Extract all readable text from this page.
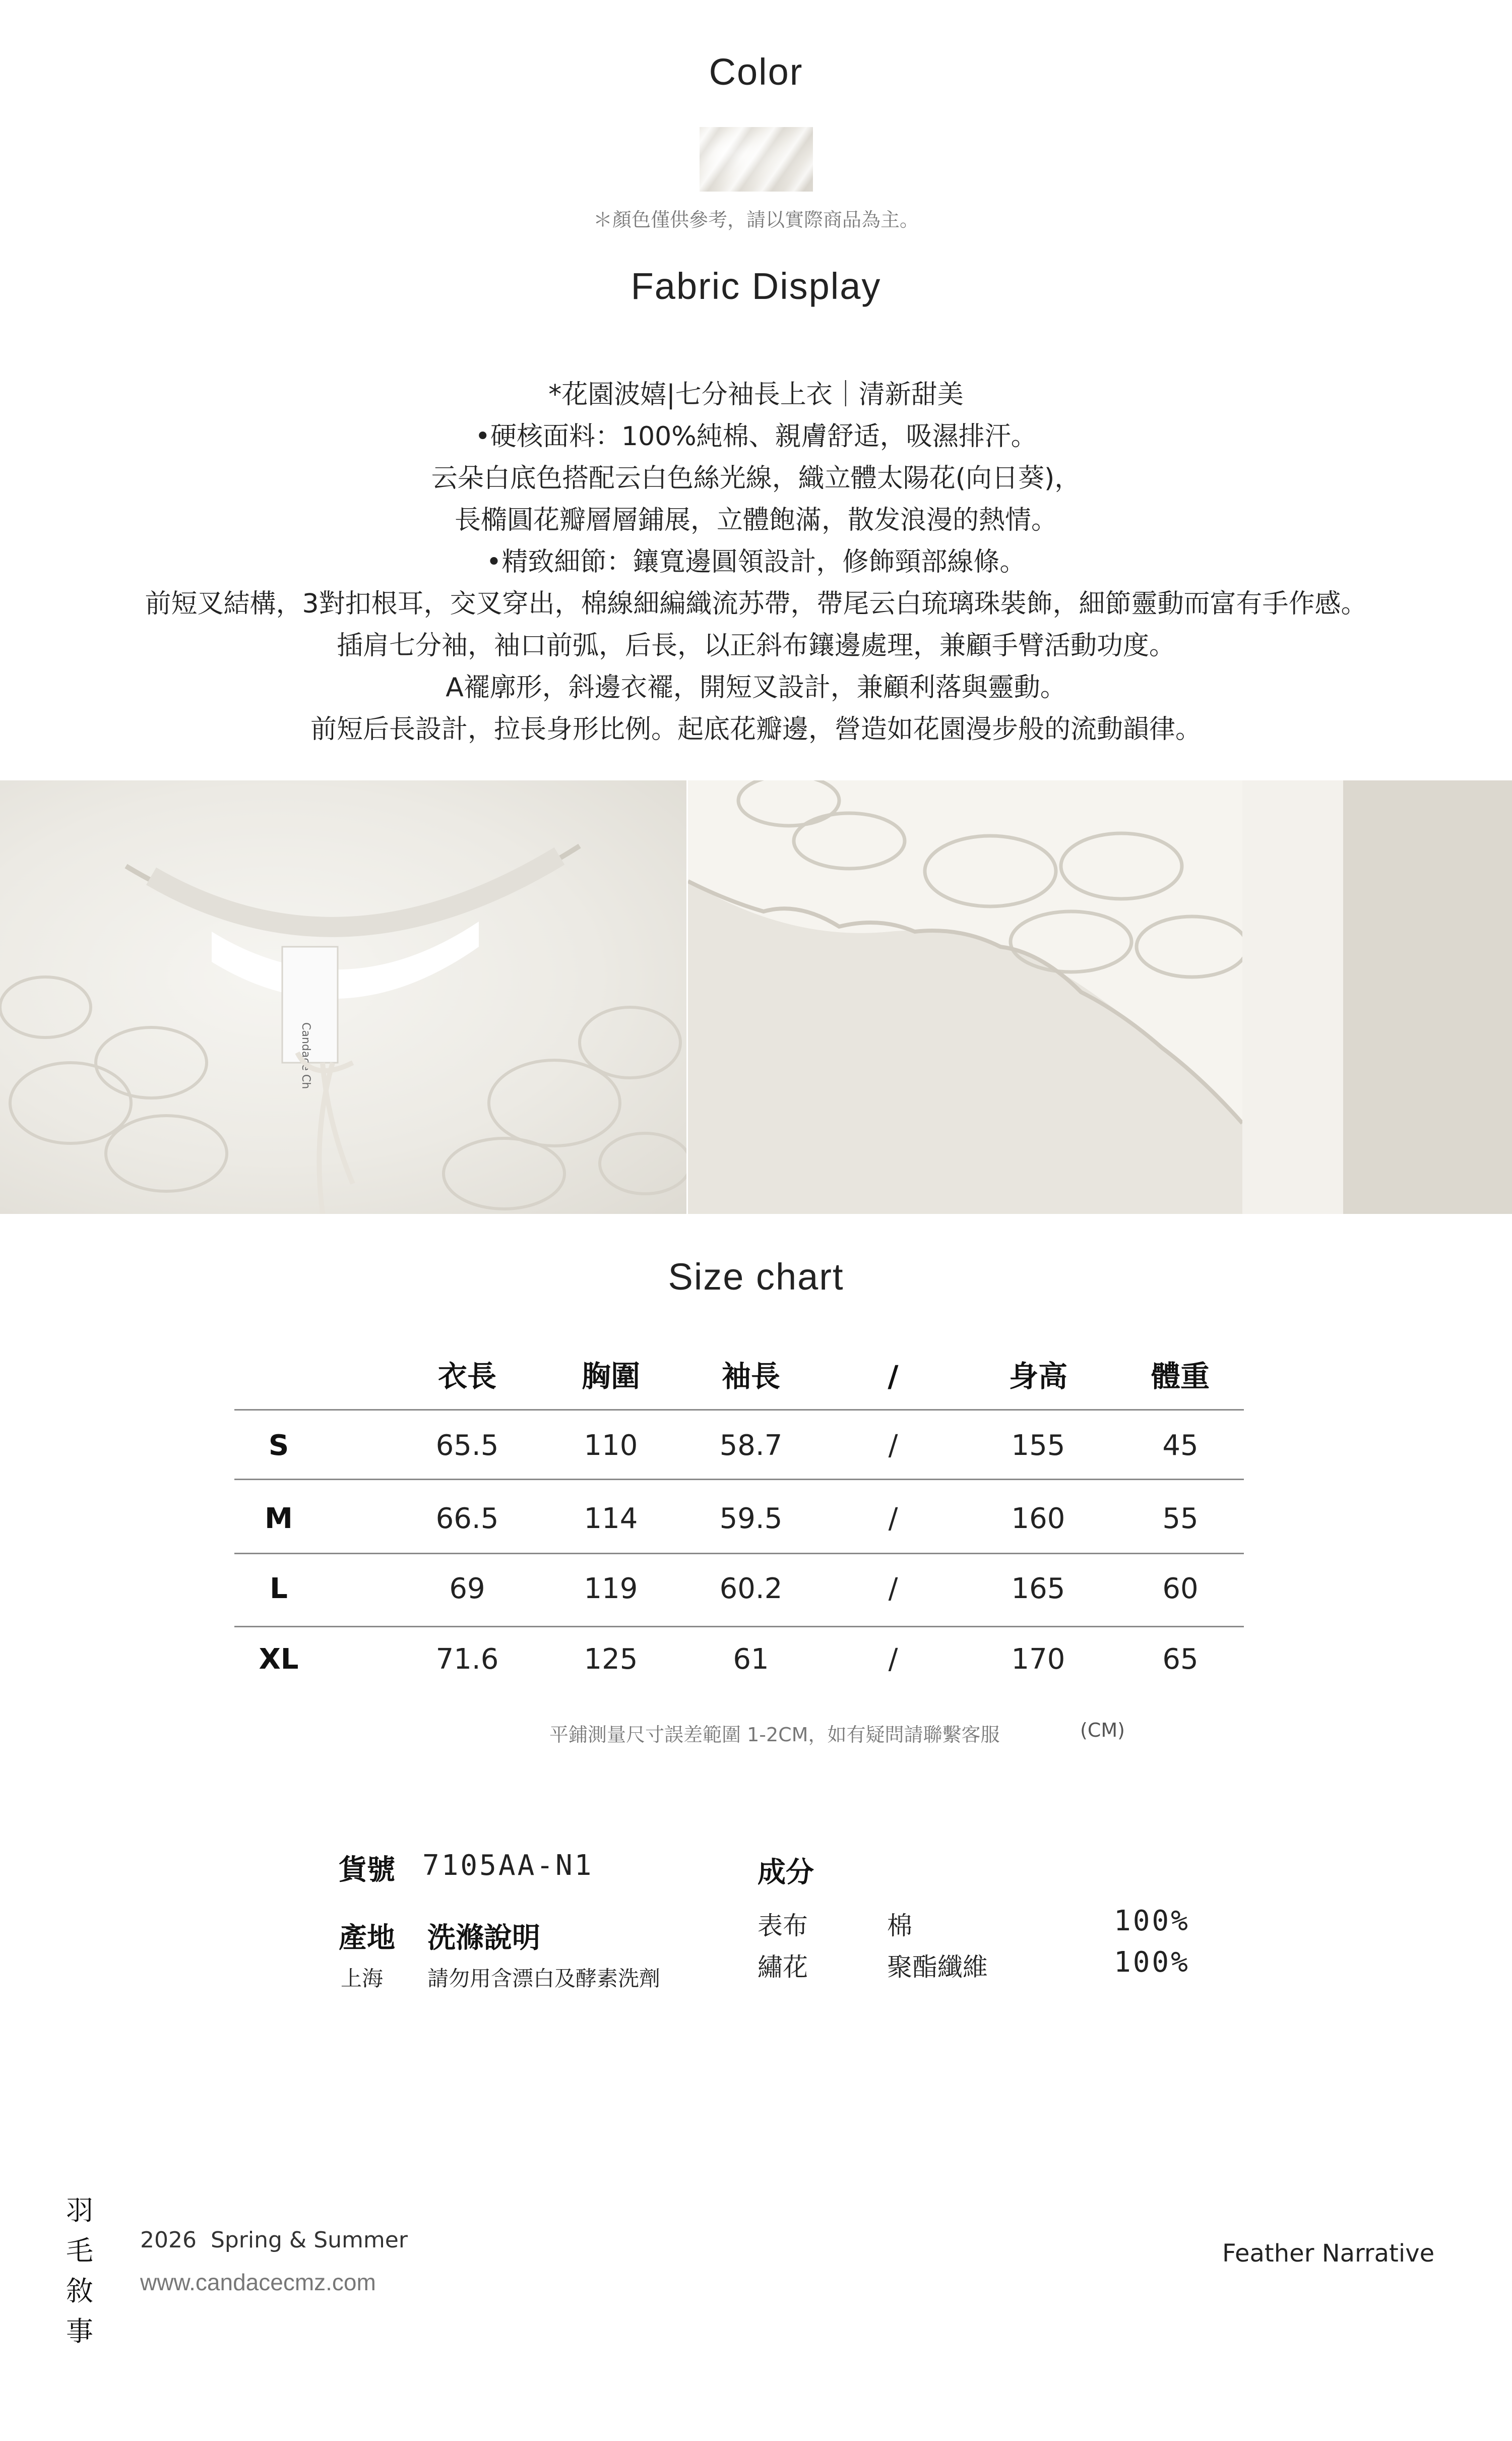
Color
＊顏色僅供參考，請以實際商品為主。
Fabric Display
*花園波嬉|七分袖長上衣｜清新甜美
•硬核面料：100%純棉、親膚舒适，吸濕排汗。
云朵白底色搭配云白色絲光線，織立體太陽花(向日葵)，
長橢圓花瓣層層鋪展，立體飽滿，散发浪漫的熱情。
•精致細節：鑲寬邊圓領設計，修飾頸部線條。
前短叉結構，3對扣根耳，交叉穿出，棉線細編織流苏帶，帶尾云白琉璃珠裝飾，細節靈動而富有手作感。
插肩七分袖，袖口前弧，后長，以正斜布鑲邊處理，兼顧手臂活動功度。
A襬廓形，斜邊衣襬，開短叉設計，兼顧利落與靈動。
前短后長設計，拉長身形比例。起底花瓣邊，營造如花園漫步般的流動韻律。
Candace Ch
Size chart
衣長	胸圍	袖長	/	身高	體重
S	65.5	110	58.7	/	155	45
M	66.5	114	59.5	/	160	55
L	69	119	60.2	/	165	60
XL	71.6	125	61	/	170	65
平鋪測量尺寸誤差範圍 1-2CM，如有疑問請聯繫客服	(CM)
貨號 7105AA-N1
產地
上海
洗滌說明
請勿用含漂白及酵素洗劑
成分
表布	棉	100%
繡花	聚酯纖維	100%
羽
毛
敘
事
2026  Spring & Summer
www.candacecmz.com
Feather Narrative
